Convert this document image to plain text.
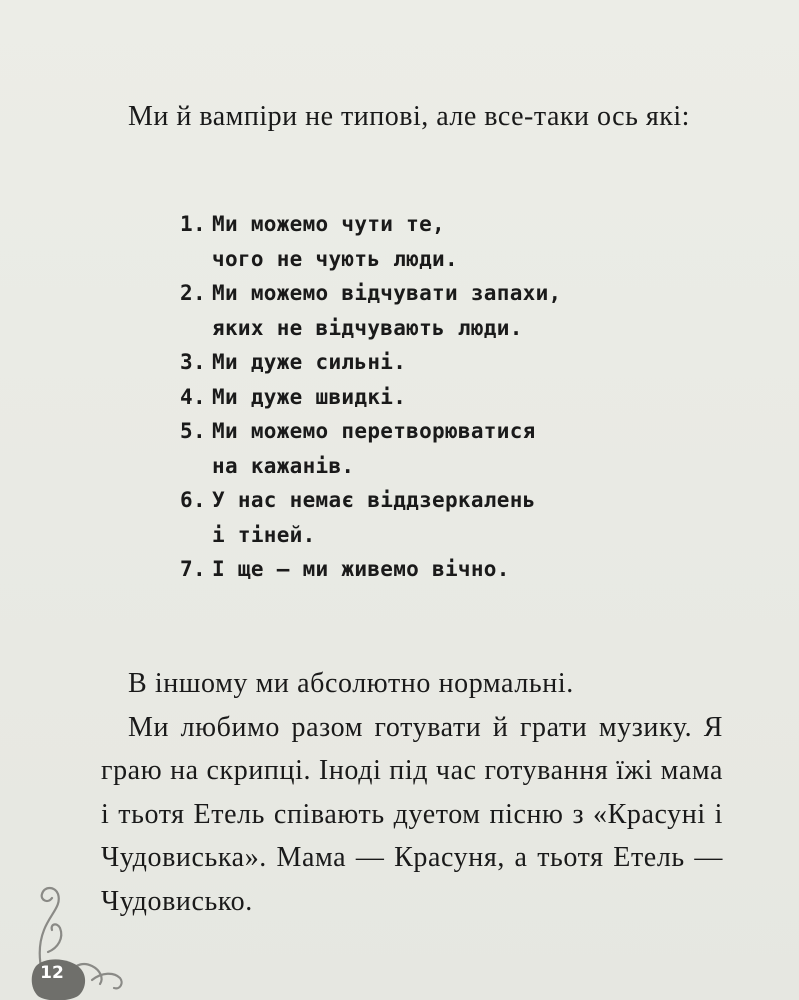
Ми й вампіри не типові, але все-таки ось які:

1. Ми можемо чути те,
чого не чують люди.
2. Ми можемо відчувати запахи,
яких не відчувають люди.
3. Ми дуже сильні.
4. Ми дуже швидкі.
5. Ми можемо перетворюватися
на кажанів.
6. У нас немає віддзеркалень
і тіней.
7. І ще — ми живемо вічно.

В іншому ми абсолютно нормальні.

Ми любимо разом готувати й грати музику. Я граю на скрипці. Іноді під час готування їжі мама і тьотя Етель співають дуетом пісню з «Красуні і Чудовиська». Мама — Красуня, а тьотя Етель — Чудовисько.

12
